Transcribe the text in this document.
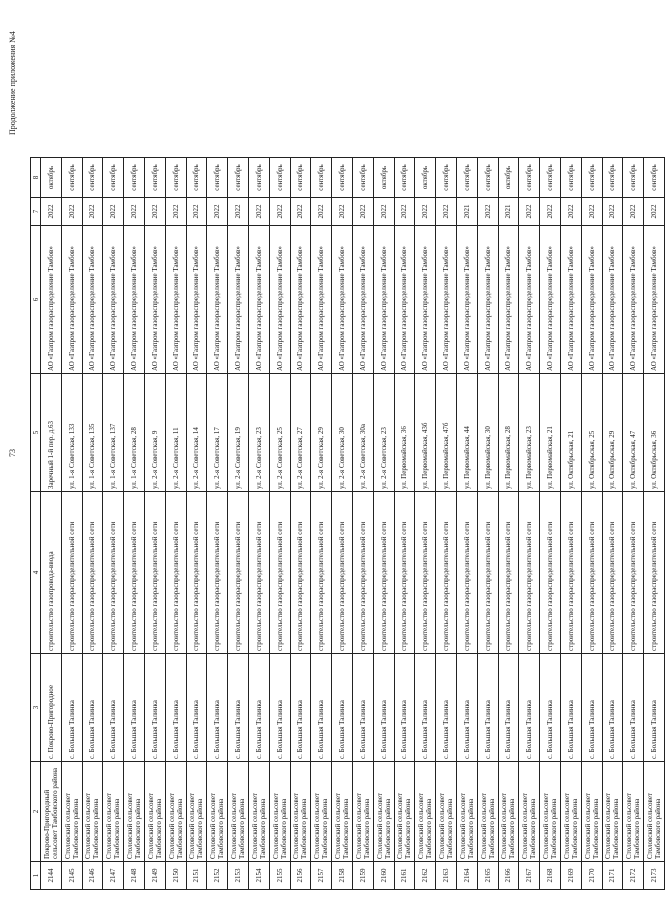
73
Продолжение приложения №4
1	2	3	4	5	6	7	8
2144	Покрово-Пригородный сельсовет Тамбовского района	с. Покрово-Пригородное	строительство газопровода-ввода	Заречный 1-й пер. д.63	АО «Газпром газораспределение Тамбов»	2022	октябрь
2145	Столовский сельсовет Тамбовского района	с. Большая Талинка	строительство газораспределительной сети	ул. 1-я Советская, 133	АО «Газпром газораспределение Тамбов»	2022	сентябрь
2146	Столовский сельсовет Тамбовского района	с. Большая Талинка	строительство газораспределительной сети	ул. 1-я Советская, 135	АО «Газпром газораспределение Тамбов»	2022	сентябрь
2147	Столовский сельсовет Тамбовского района	с. Большая Талинка	строительство газораспределительной сети	ул. 1-я Советская, 137	АО «Газпром газораспределение Тамбов»	2022	сентябрь
2148	Столовский сельсовет Тамбовского района	с. Большая Талинка	строительство газораспределительной сети	ул. 1-я Советская, 28	АО «Газпром газораспределение Тамбов»	2022	сентябрь
2149	Столовский сельсовет Тамбовского района	с. Большая Талинка	строительство газораспределительной сети	ул. 2-я Советская, 9	АО «Газпром газораспределение Тамбов»	2022	сентябрь
2150	Столовский сельсовет Тамбовского района	с. Большая Талинка	строительство газораспределительной сети	ул. 2-я Советская, 11	АО «Газпром газораспределение Тамбов»	2022	сентябрь
2151	Столовский сельсовет Тамбовского района	с. Большая Талинка	строительство газораспределительной сети	ул. 2-я Советская, 14	АО «Газпром газораспределение Тамбов»	2022	сентябрь
2152	Столовский сельсовет Тамбовского района	с. Большая Талинка	строительство газораспределительной сети	ул. 2-я Советская, 17	АО «Газпром газораспределение Тамбов»	2022	сентябрь
2153	Столовский сельсовет Тамбовского района	с. Большая Талинка	строительство газораспределительной сети	ул. 2-я Советская, 19	АО «Газпром газораспределение Тамбов»	2022	сентябрь
2154	Столовский сельсовет Тамбовского района	с. Большая Талинка	строительство газораспределительной сети	ул. 2-я Советская, 23	АО «Газпром газораспределение Тамбов»	2022	сентябрь
2155	Столовский сельсовет Тамбовского района	с. Большая Талинка	строительство газораспределительной сети	ул. 2-я Советская, 25	АО «Газпром газораспределение Тамбов»	2022	сентябрь
2156	Столовский сельсовет Тамбовского района	с. Большая Талинка	строительство газораспределительной сети	ул. 2-я Советская, 27	АО «Газпром газораспределение Тамбов»	2022	сентябрь
2157	Столовский сельсовет Тамбовского района	с. Большая Талинка	строительство газораспределительной сети	ул. 2-я Советская, 29	АО «Газпром газораспределение Тамбов»	2022	сентябрь
2158	Столовский сельсовет Тамбовского района	с. Большая Талинка	строительство газораспределительной сети	ул. 2-я Советская, 30	АО «Газпром газораспределение Тамбов»	2022	сентябрь
2159	Столовский сельсовет Тамбовского района	с. Большая Талинка	строительство газораспределительной сети	ул. 2-я Советская, 30а	АО «Газпром газораспределение Тамбов»	2022	сентябрь
2160	Столовский сельсовет Тамбовского района	с. Большая Талинка	строительство газораспределительной сети	ул. 2-я Советская, 23	АО «Газпром газораспределение Тамбов»	2022	октябрь
2161	Столовский сельсовет Тамбовского района	с. Большая Талинка	строительство газораспределительной сети	ул. Первомайская, 36	АО «Газпром газораспределение Тамбов»	2022	сентябрь
2162	Столовский сельсовет Тамбовского района	с. Большая Талинка	строительство газораспределительной сети	ул. Первомайская, 43б	АО «Газпром газораспределение Тамбов»	2022	октябрь
2163	Столовский сельсовет Тамбовского района	с. Большая Талинка	строительство газораспределительной сети	ул. Первомайская, 47б	АО «Газпром газораспределение Тамбов»	2022	сентябрь
2164	Столовский сельсовет Тамбовского района	с. Большая Талинка	строительство газораспределительной сети	ул. Первомайская, 44	АО «Газпром газораспределение Тамбов»	2021	сентябрь
2165	Столовский сельсовет Тамбовского района	с. Большая Талинка	строительство газораспределительной сети	ул. Первомайская, 30	АО «Газпром газораспределение Тамбов»	2022	сентябрь
2166	Столовский сельсовет Тамбовского района	с. Большая Талинка	строительство газораспределительной сети	ул. Первомайская, 28	АО «Газпром газораспределение Тамбов»	2021	октябрь
2167	Столовский сельсовет Тамбовского района	с. Большая Талинка	строительство газораспределительной сети	ул. Первомайская, 23	АО «Газпром газораспределение Тамбов»	2022	сентябрь
2168	Столовский сельсовет Тамбовского района	с. Большая Талинка	строительство газораспределительной сети	ул. Первомайская, 21	АО «Газпром газораспределение Тамбов»	2022	сентябрь
2169	Столовский сельсовет Тамбовского района	с. Большая Талинка	строительство газораспределительной сети	ул. Октябрьская, 21	АО «Газпром газораспределение Тамбов»	2022	сентябрь
2170	Столовский сельсовет Тамбовского района	с. Большая Талинка	строительство газораспределительной сети	ул. Октябрьская, 25	АО «Газпром газораспределение Тамбов»	2022	сентябрь
2171	Столовский сельсовет Тамбовского района	с. Большая Талинка	строительство газораспределительной сети	ул. Октябрьская, 29	АО «Газпром газораспределение Тамбов»	2022	сентябрь
2172	Столовский сельсовет Тамбовского района	с. Большая Талинка	строительство газораспределительной сети	ул. Октябрьская, 47	АО «Газпром газораспределение Тамбов»	2022	сентябрь
2173	Столовский сельсовет Тамбовского района	с. Большая Талинка	строительство газораспределительной сети	ул. Октябрьская, 36	АО «Газпром газораспределение Тамбов»	2022	сентябрь
